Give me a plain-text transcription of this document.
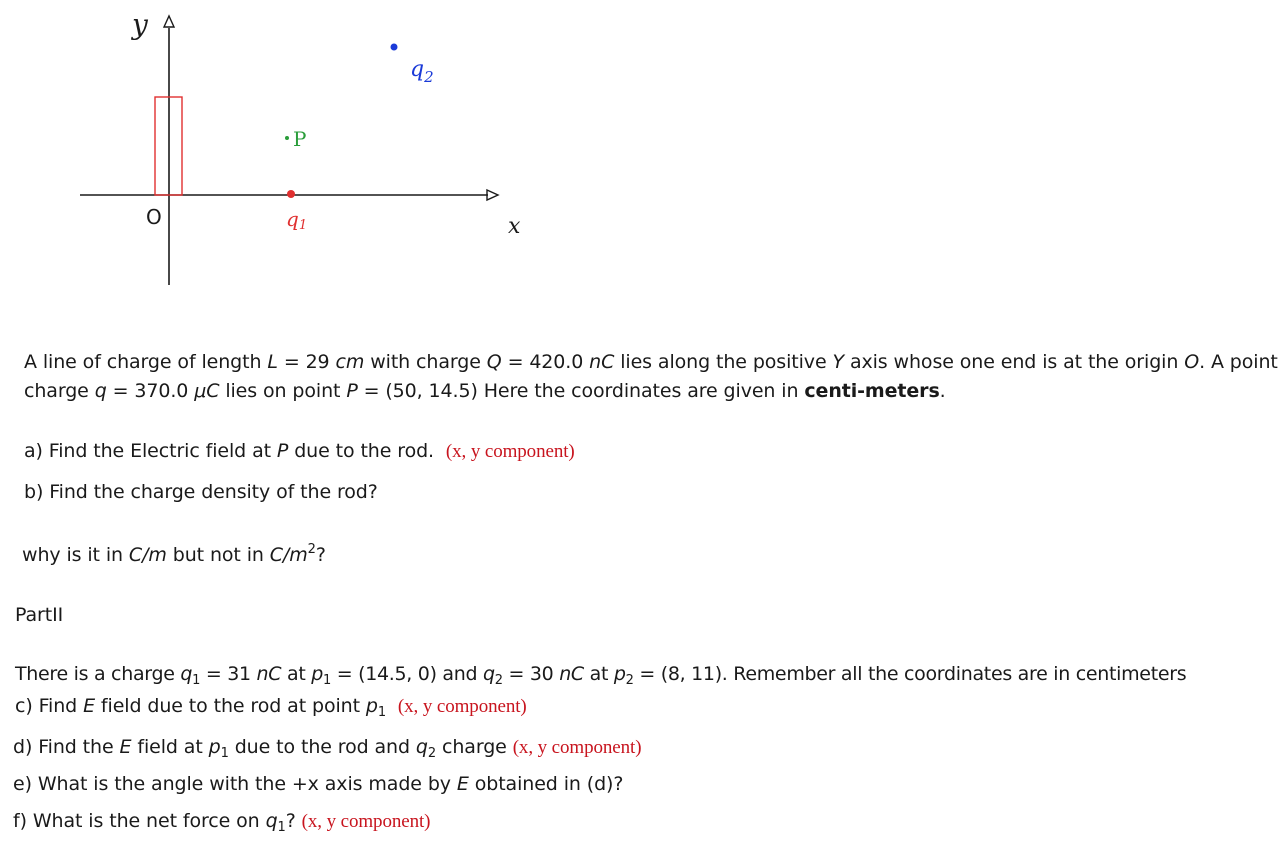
y
O	x
P
q1
$q_2$
A line of charge of length L = 29 cm with charge Q = 420.0 nC lies along the positive Y axis whose one end is at the origin O. A point
charge q = 370.0 μC lies on point P = (50, 14.5) Here the coordinates are given in centi-meters.
a) Find the Electric field at P due to the rod. (x, y component)
b) Find the charge density of the rod?
why is it in C/m but not in $C/m^2$?
PartII
There is a charge $q_1 = 31$ nC at $p_1 = (14.5$, 0) and $q_2 = 30$ nC at $p_2 = (8$, 11). Remember all the coordinates are in centimeters
c) Find E field due to the rod at point $p_1$ (x, y component)
d) Find the E field at $p_1$ due to the rod and $q_2$ charge (x, y component)
e) What is the angle with the +x axis made by E obtained in (d)?
f) What is the net force on $q_1$? (x, y component)
